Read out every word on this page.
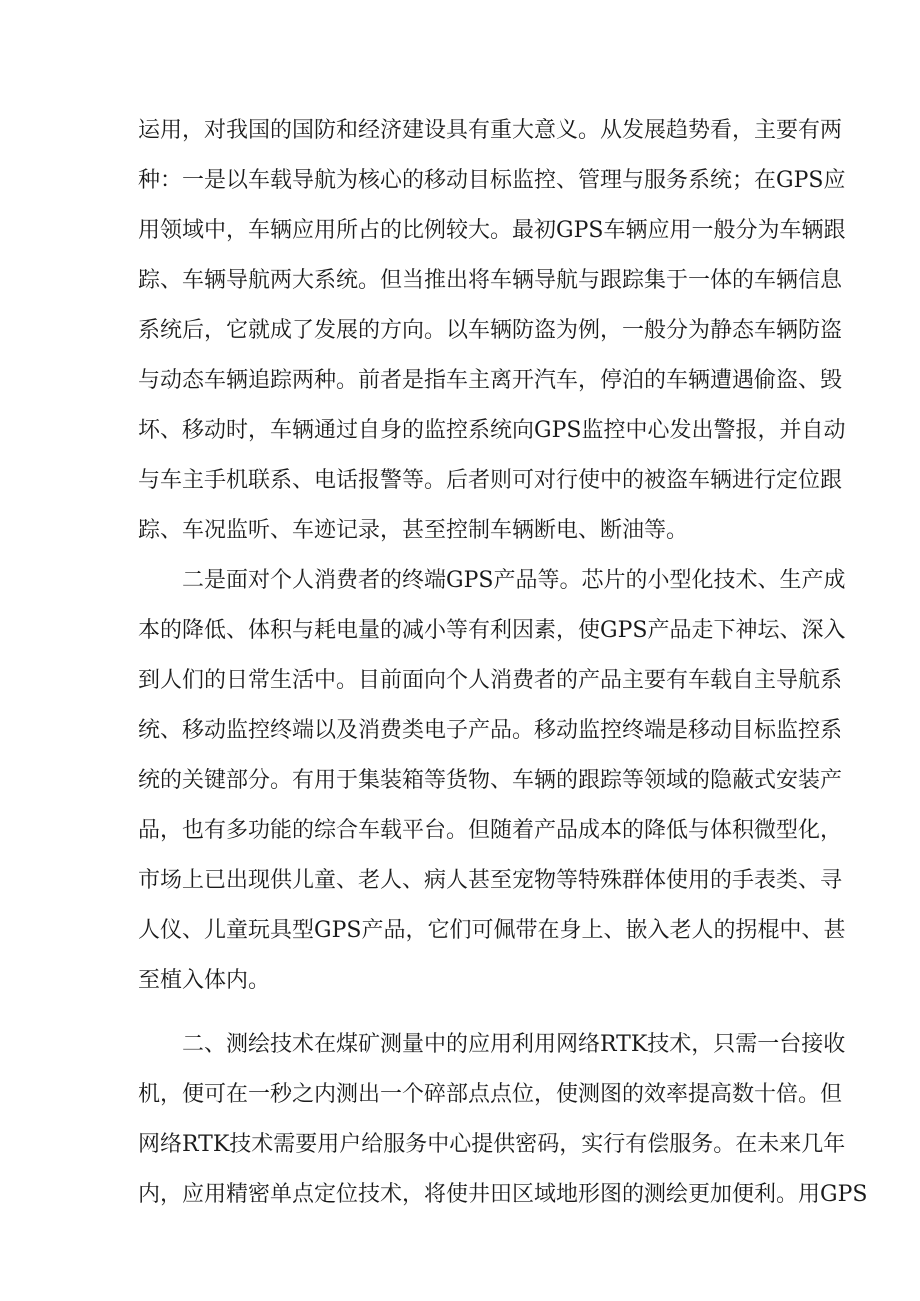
运用，对我国的国防和经济建设具有重大意义。从发展趋势看，主要有两
种：一是以车载导航为核心的移动目标监控、管理与服务系统；在GPS应
用领域中，车辆应用所占的比例较大。最初GPS车辆应用一般分为车辆跟
踪、车辆导航两大系统。但当推出将车辆导航与跟踪集于一体的车辆信息
系统后，它就成了发展的方向。以车辆防盗为例，一般分为静态车辆防盗
与动态车辆追踪两种。前者是指车主离开汽车，停泊的车辆遭遇偷盗、毁
坏、移动时，车辆通过自身的监控系统向GPS监控中心发出警报，并自动
与车主手机联系、电话报警等。后者则可对行使中的被盗车辆进行定位跟
踪、车况监听、车迹记录，甚至控制车辆断电、断油等。
二是面对个人消费者的终端GPS产品等。芯片的小型化技术、生产成
本的降低、体积与耗电量的减小等有利因素，使GPS产品走下神坛、深入
到人们的日常生活中。目前面向个人消费者的产品主要有车载自主导航系
统、移动监控终端以及消费类电子产品。移动监控终端是移动目标监控系
统的关键部分。有用于集装箱等货物、车辆的跟踪等领域的隐蔽式安装产
品，也有多功能的综合车载平台。但随着产品成本的降低与体积微型化，
市场上已出现供儿童、老人、病人甚至宠物等特殊群体使用的手表类、寻
人仪、儿童玩具型GPS产品，它们可佩带在身上、嵌入老人的拐棍中、甚
至植入体内。
二、测绘技术在煤矿测量中的应用利用网络RTK技术，只需一台接收
机，便可在一秒之内测出一个碎部点点位，使测图的效率提高数十倍。但
网络RTK技术需要用户给服务中心提供密码，实行有偿服务。在未来几年
内，应用精密单点定位技术，将使井田区域地形图的测绘更加便利。用GPS
